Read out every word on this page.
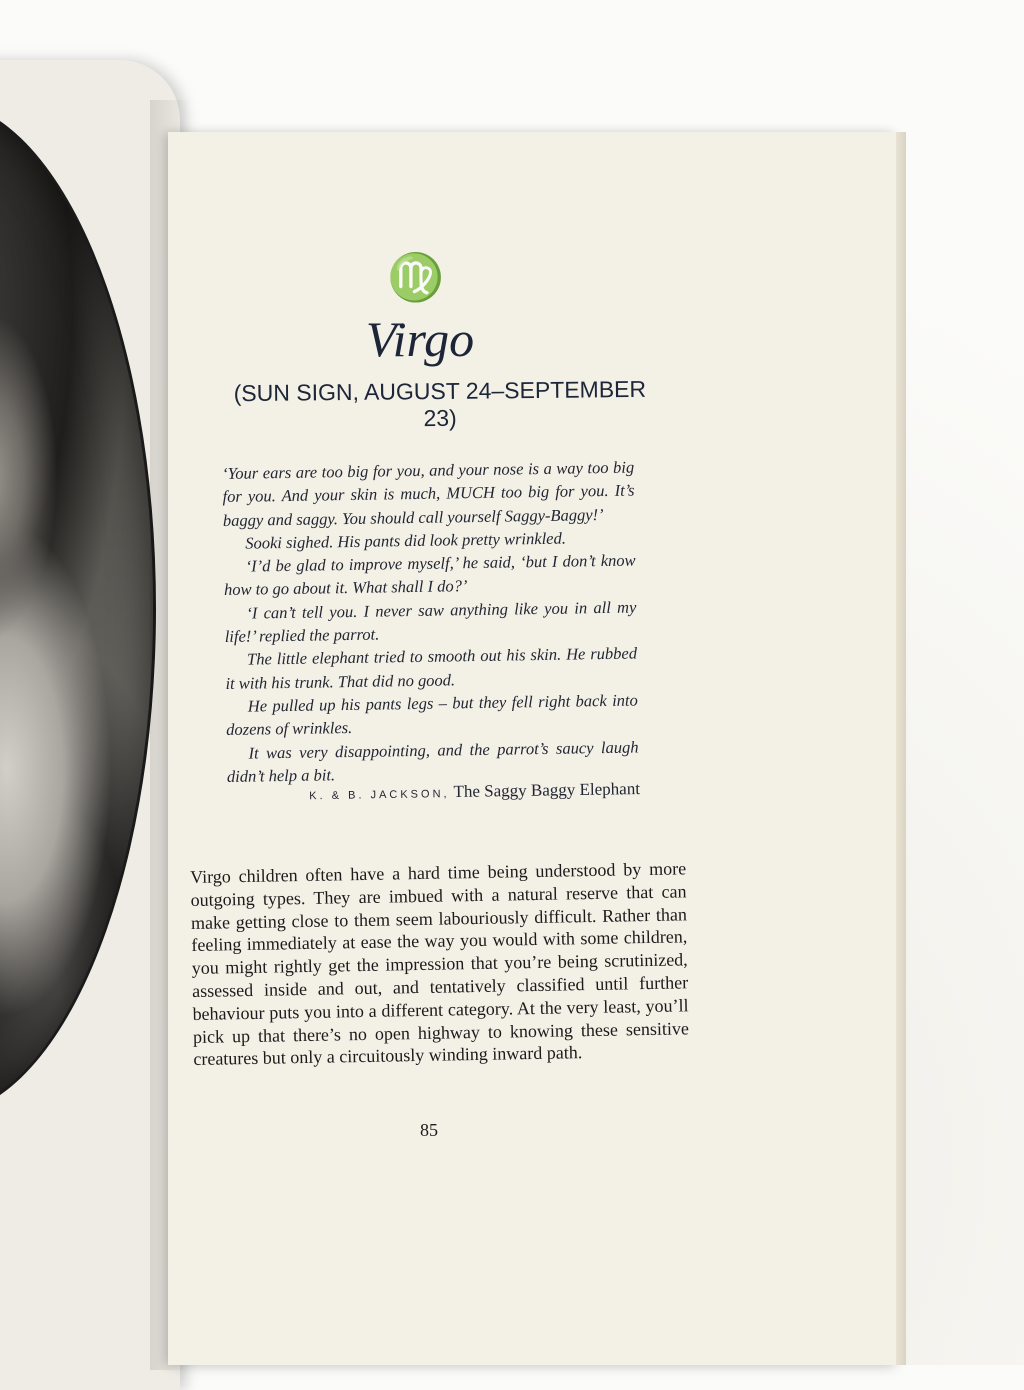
♍
Virgo
(SUN SIGN, AUGUST 24–SEPTEMBER 23)

‘Your ears are too big for you, and your nose is a way too big for you. And your skin is much, MUCH too big for you. It’s baggy and saggy. You should call yourself Saggy-Baggy!’

Sooki sighed. His pants did look pretty wrinkled.

‘I’d be glad to improve myself,’ he said, ‘but I don’t know how to go about it. What shall I do?’

‘I can’t tell you. I never saw anything like you in all my life!’ replied the parrot.

The little elephant tried to smooth out his skin. He rubbed it with his trunk. That did no good.

He pulled up his pants legs – but they fell right back into dozens of wrinkles.

It was very disappointing, and the parrot’s saucy laugh didn’t help a bit.

K. & B. JACKSON, The Saggy Baggy Elephant
Virgo children often have a hard time being understood by more outgoing types. They are imbued with a natural reserve that can make getting close to them seem labouriously difficult. Rather than feeling immediately at ease the way you would with some children, you might rightly get the impression that you’re being scrutinized, assessed inside and out, and tentatively classified until further behaviour puts you into a different category. At the very least, you’ll pick up that there’s no open highway to knowing these sensitive creatures but only a circuitously winding inward path.
85
